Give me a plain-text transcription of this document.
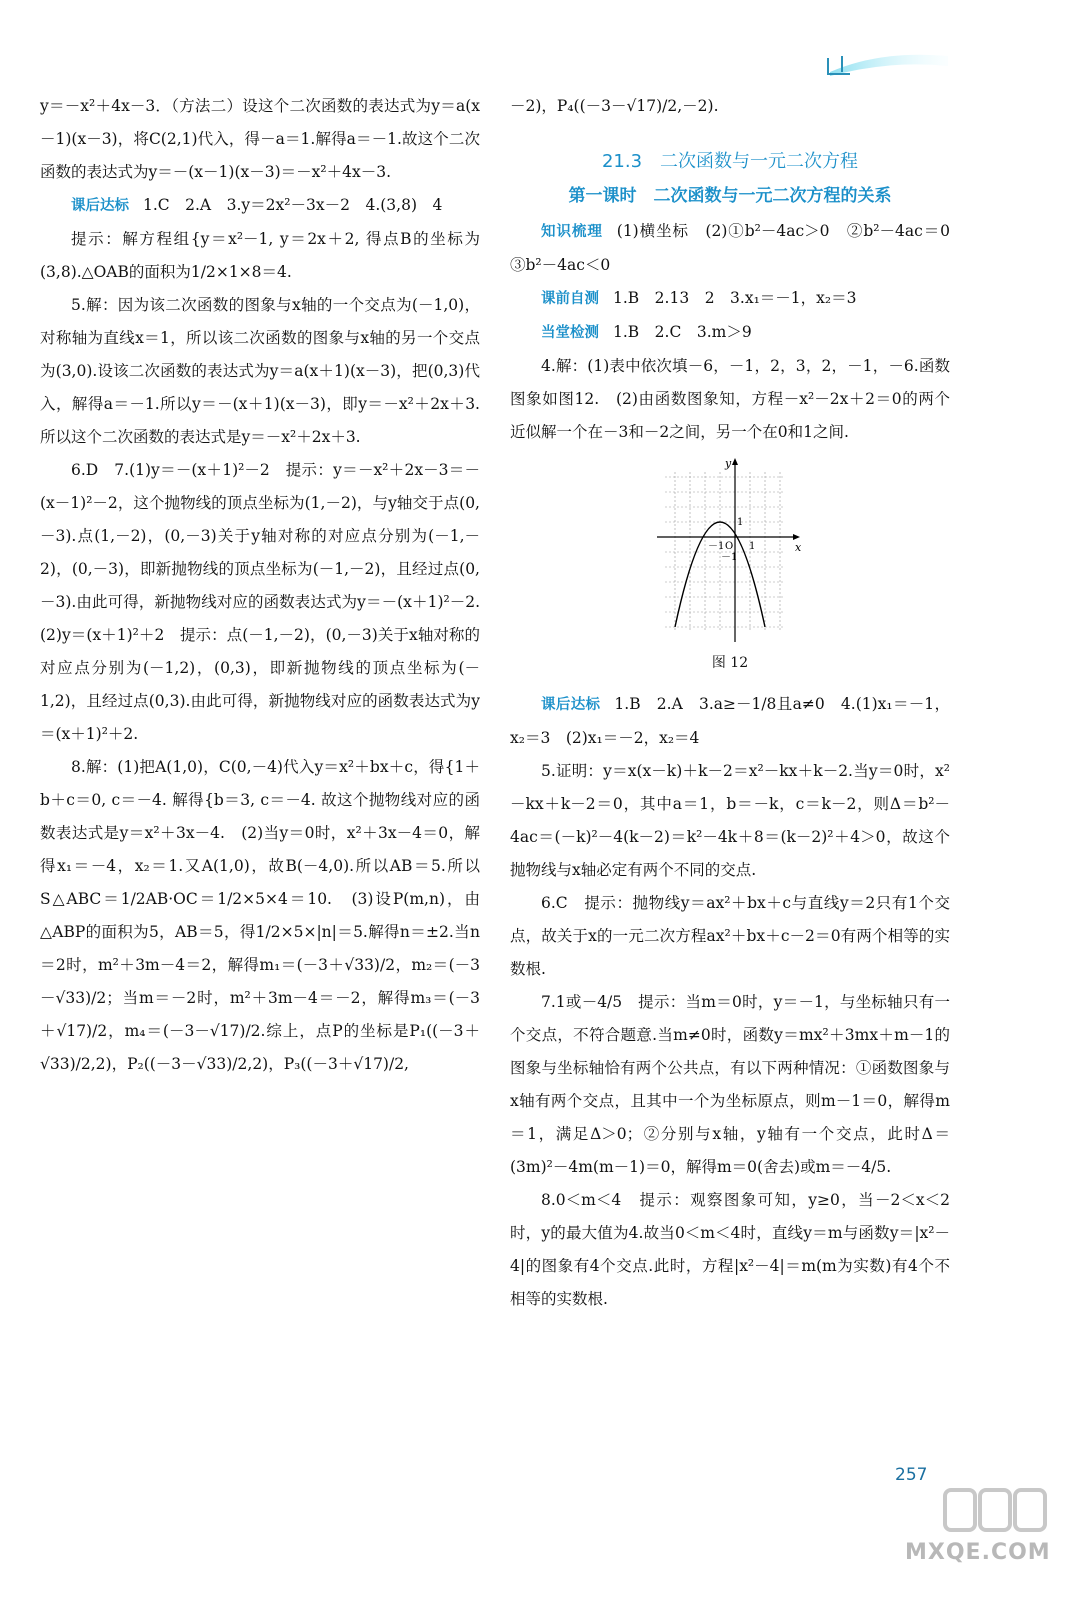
y＝－x²＋4x－3．（方法二）设这个二次函数的表达式为y＝a(x－1)(x－3)，将C(2,1)代入，得－a＝1.解得a＝－1.故这个二次函数的表达式为y＝－(x－1)(x－3)＝－x²＋4x－3.

课后达标 1.C　2.A　3.y＝2x²－3x－2　4.(3,8)　4

提示：解方程组{y＝x²－1, y＝2x＋2, 得点B的坐标为(3,8).△OAB的面积为1/2×1×8＝4.

5.解：因为该二次函数的图象与x轴的一个交点为(－1,0)，对称轴为直线x＝1，所以该二次函数的图象与x轴的另一个交点为(3,0).设该二次函数的表达式为y＝a(x＋1)(x－3)，把(0,3)代入，解得a＝－1.所以y＝－(x＋1)(x－3)，即y＝－x²＋2x＋3.所以这个二次函数的表达式是y＝－x²＋2x＋3.

6.D　7.(1)y＝－(x＋1)²－2　提示：y＝－x²＋2x－3＝－(x－1)²－2，这个抛物线的顶点坐标为(1,－2)，与y轴交于点(0,－3).点(1,－2)，(0,－3)关于y轴对称的对应点分别为(－1,－2)，(0,－3)，即新抛物线的顶点坐标为(－1,－2)，且经过点(0,－3).由此可得，新抛物线对应的函数表达式为y＝－(x＋1)²－2.　(2)y＝(x＋1)²＋2　提示：点(－1,－2)，(0,－3)关于x轴对称的对应点分别为(－1,2)，(0,3)，即新抛物线的顶点坐标为(－1,2)，且经过点(0,3).由此可得，新抛物线对应的函数表达式为y＝(x＋1)²＋2.

8.解：(1)把A(1,0)，C(0,－4)代入y＝x²＋bx＋c，得{1＋b＋c＝0, c＝－4. 解得{b＝3, c＝－4. 故这个抛物线对应的函数表达式是y＝x²＋3x－4.　(2)当y＝0时，x²＋3x－4＝0，解得x₁＝－4，x₂＝1.又A(1,0)，故B(－4,0).所以AB＝5.所以S△ABC＝1/2AB·OC＝1/2×5×4＝10.　(3)设P(m,n)，由△ABP的面积为5，AB＝5，得1/2×5×|n|＝5.解得n＝±2.当n＝2时，m²＋3m－4＝2，解得m₁＝(－3＋√33)/2，m₂＝(－3－√33)/2；当m＝－2时，m²＋3m－4＝－2，解得m₃＝(－3＋√17)/2，m₄＝(－3－√17)/2.综上，点P的坐标是P₁((－3＋√33)/2,2)，P₂((－3－√33)/2,2)，P₃((－3＋√17)/2,

－2)，P₄((－3－√17)/2,－2).

21.3　二次函数与一元二次方程

第一课时　二次函数与一元二次方程的关系

知识梳理 (1)横坐标　(2)①b²－4ac＞0　②b²－4ac＝0　③b²－4ac＜0

课前自测 1.B　2.13　2　3.x₁＝－1，x₂＝3

当堂检测 1.B　2.C　3.m＞9

4.解：(1)表中依次填－6，－1，2，3，2，－1，－6.函数图象如图12.　(2)由函数图象知，方程－x²－2x＋2＝0的两个近似解一个在－3和－2之间，另一个在0和1之间.

y
x
O
－1 1
1
－1

图 12

课后达标 1.B　2.A　3.a≥－1/8且a≠0　4.(1)x₁＝－1，x₂＝3　(2)x₁＝－2，x₂＝4

5.证明：y＝x(x－k)＋k－2＝x²－kx＋k－2.当y＝0时，x²－kx＋k－2＝0，其中a＝1，b＝－k，c＝k－2，则Δ＝b²－4ac＝(－k)²－4(k－2)＝k²－4k＋8＝(k－2)²＋4＞0，故这个抛物线与x轴必定有两个不同的交点.

6.C　提示：抛物线y＝ax²＋bx＋c与直线y＝2只有1个交点，故关于x的一元二次方程ax²＋bx＋c－2＝0有两个相等的实数根.

7.1或－4/5　提示：当m＝0时，y＝－1，与坐标轴只有一个交点，不符合题意.当m≠0时，函数y＝mx²＋3mx＋m－1的图象与坐标轴恰有两个公共点，有以下两种情况：①函数图象与x轴有两个交点，且其中一个为坐标原点，则m－1＝0，解得m＝1，满足Δ＞0；②分别与x轴，y轴有一个交点，此时Δ＝(3m)²－4m(m－1)＝0，解得m＝0(舍去)或m＝－4/5.

8.0＜m＜4　提示：观察图象可知，y≥0，当－2＜x＜2时，y的最大值为4.故当0＜m＜4时，直线y＝m与函数y＝|x²－4|的图象有4个交点.此时，方程|x²－4|＝m(m为实数)有4个不相等的实数根.

257
MXQE.COM
